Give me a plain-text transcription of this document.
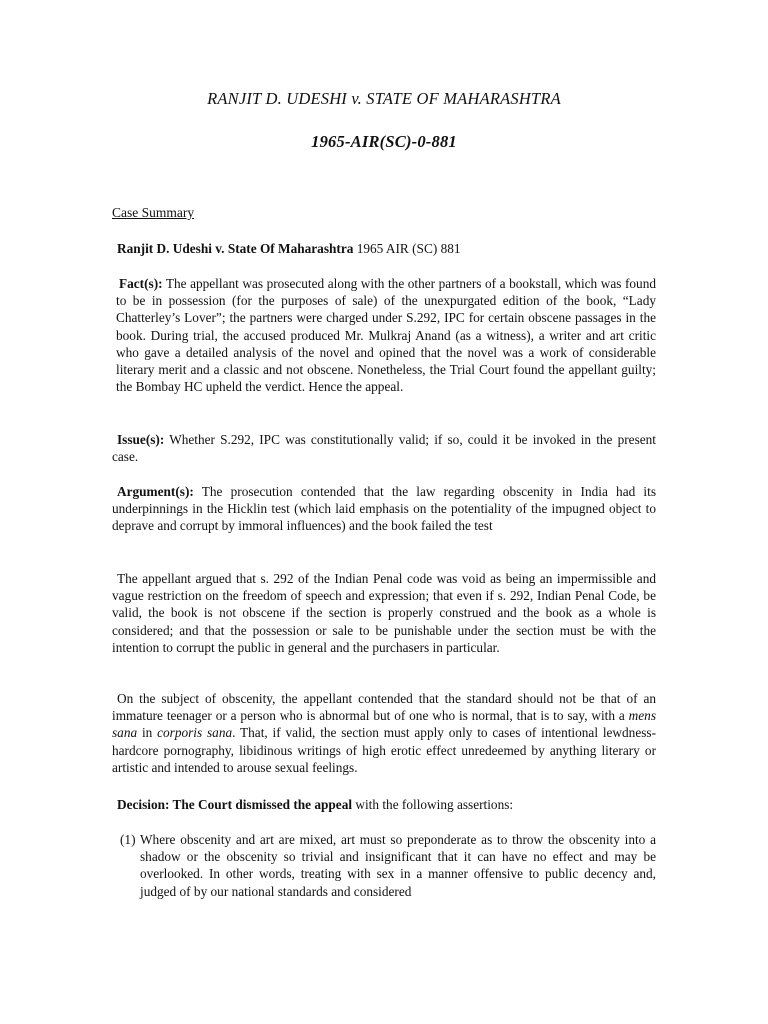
RANJIT D. UDESHI v. STATE OF MAHARASHTRA
1965-AIR(SC)-0-881
Case Summary
Ranjit D. Udeshi v. State Of Maharashtra 1965 AIR (SC) 881
Fact(s): The appellant was prosecuted along with the other partners of a bookstall, which was found to be in possession (for the purposes of sale) of the unexpurgated edition of the book, “Lady Chatterley’s Lover”; the partners were charged under S.292, IPC for certain obscene passages in the book. During trial, the accused produced Mr. Mulkraj Anand (as a witness), a writer and art critic who gave a detailed analysis of the novel and opined that the novel was a work of considerable literary merit and a classic and not obscene. Nonetheless, the Trial Court found the appellant guilty; the Bombay HC upheld the verdict. Hence the appeal.
Issue(s): Whether S.292, IPC was constitutionally valid; if so, could it be invoked in the present case.
Argument(s): The prosecution contended that the law regarding obscenity in India had its underpinnings in the Hicklin test (which laid emphasis on the potentiality of the impugned object to deprave and corrupt by immoral influences) and the book failed the test
The appellant argued that s. 292 of the Indian Penal code was void as being an impermissible and vague restriction on the freedom of speech and expression; that even if s. 292, Indian Penal Code, be valid, the book is not obscene if the section is properly construed and the book as a whole is considered; and that the possession or sale to be punishable under the section must be with the intention to corrupt the public in general and the purchasers in particular.
On the subject of obscenity, the appellant contended that the standard should not be that of an immature teenager or a person who is abnormal but of one who is normal, that is to say, with a mens sana in corporis sana. That, if valid, the section must apply only to cases of intentional lewdness-hardcore pornography, libidinous writings of high erotic effect unredeemed by anything literary or artistic and intended to arouse sexual feelings.
Decision: The Court dismissed the appeal with the following assertions:
(1) Where obscenity and art are mixed, art must so preponderate as to throw the obscenity into a shadow or the obscenity so trivial and insignificant that it can have no effect and may be overlooked. In other words, treating with sex in a manner offensive to public decency and, judged of by our national standards and considered
